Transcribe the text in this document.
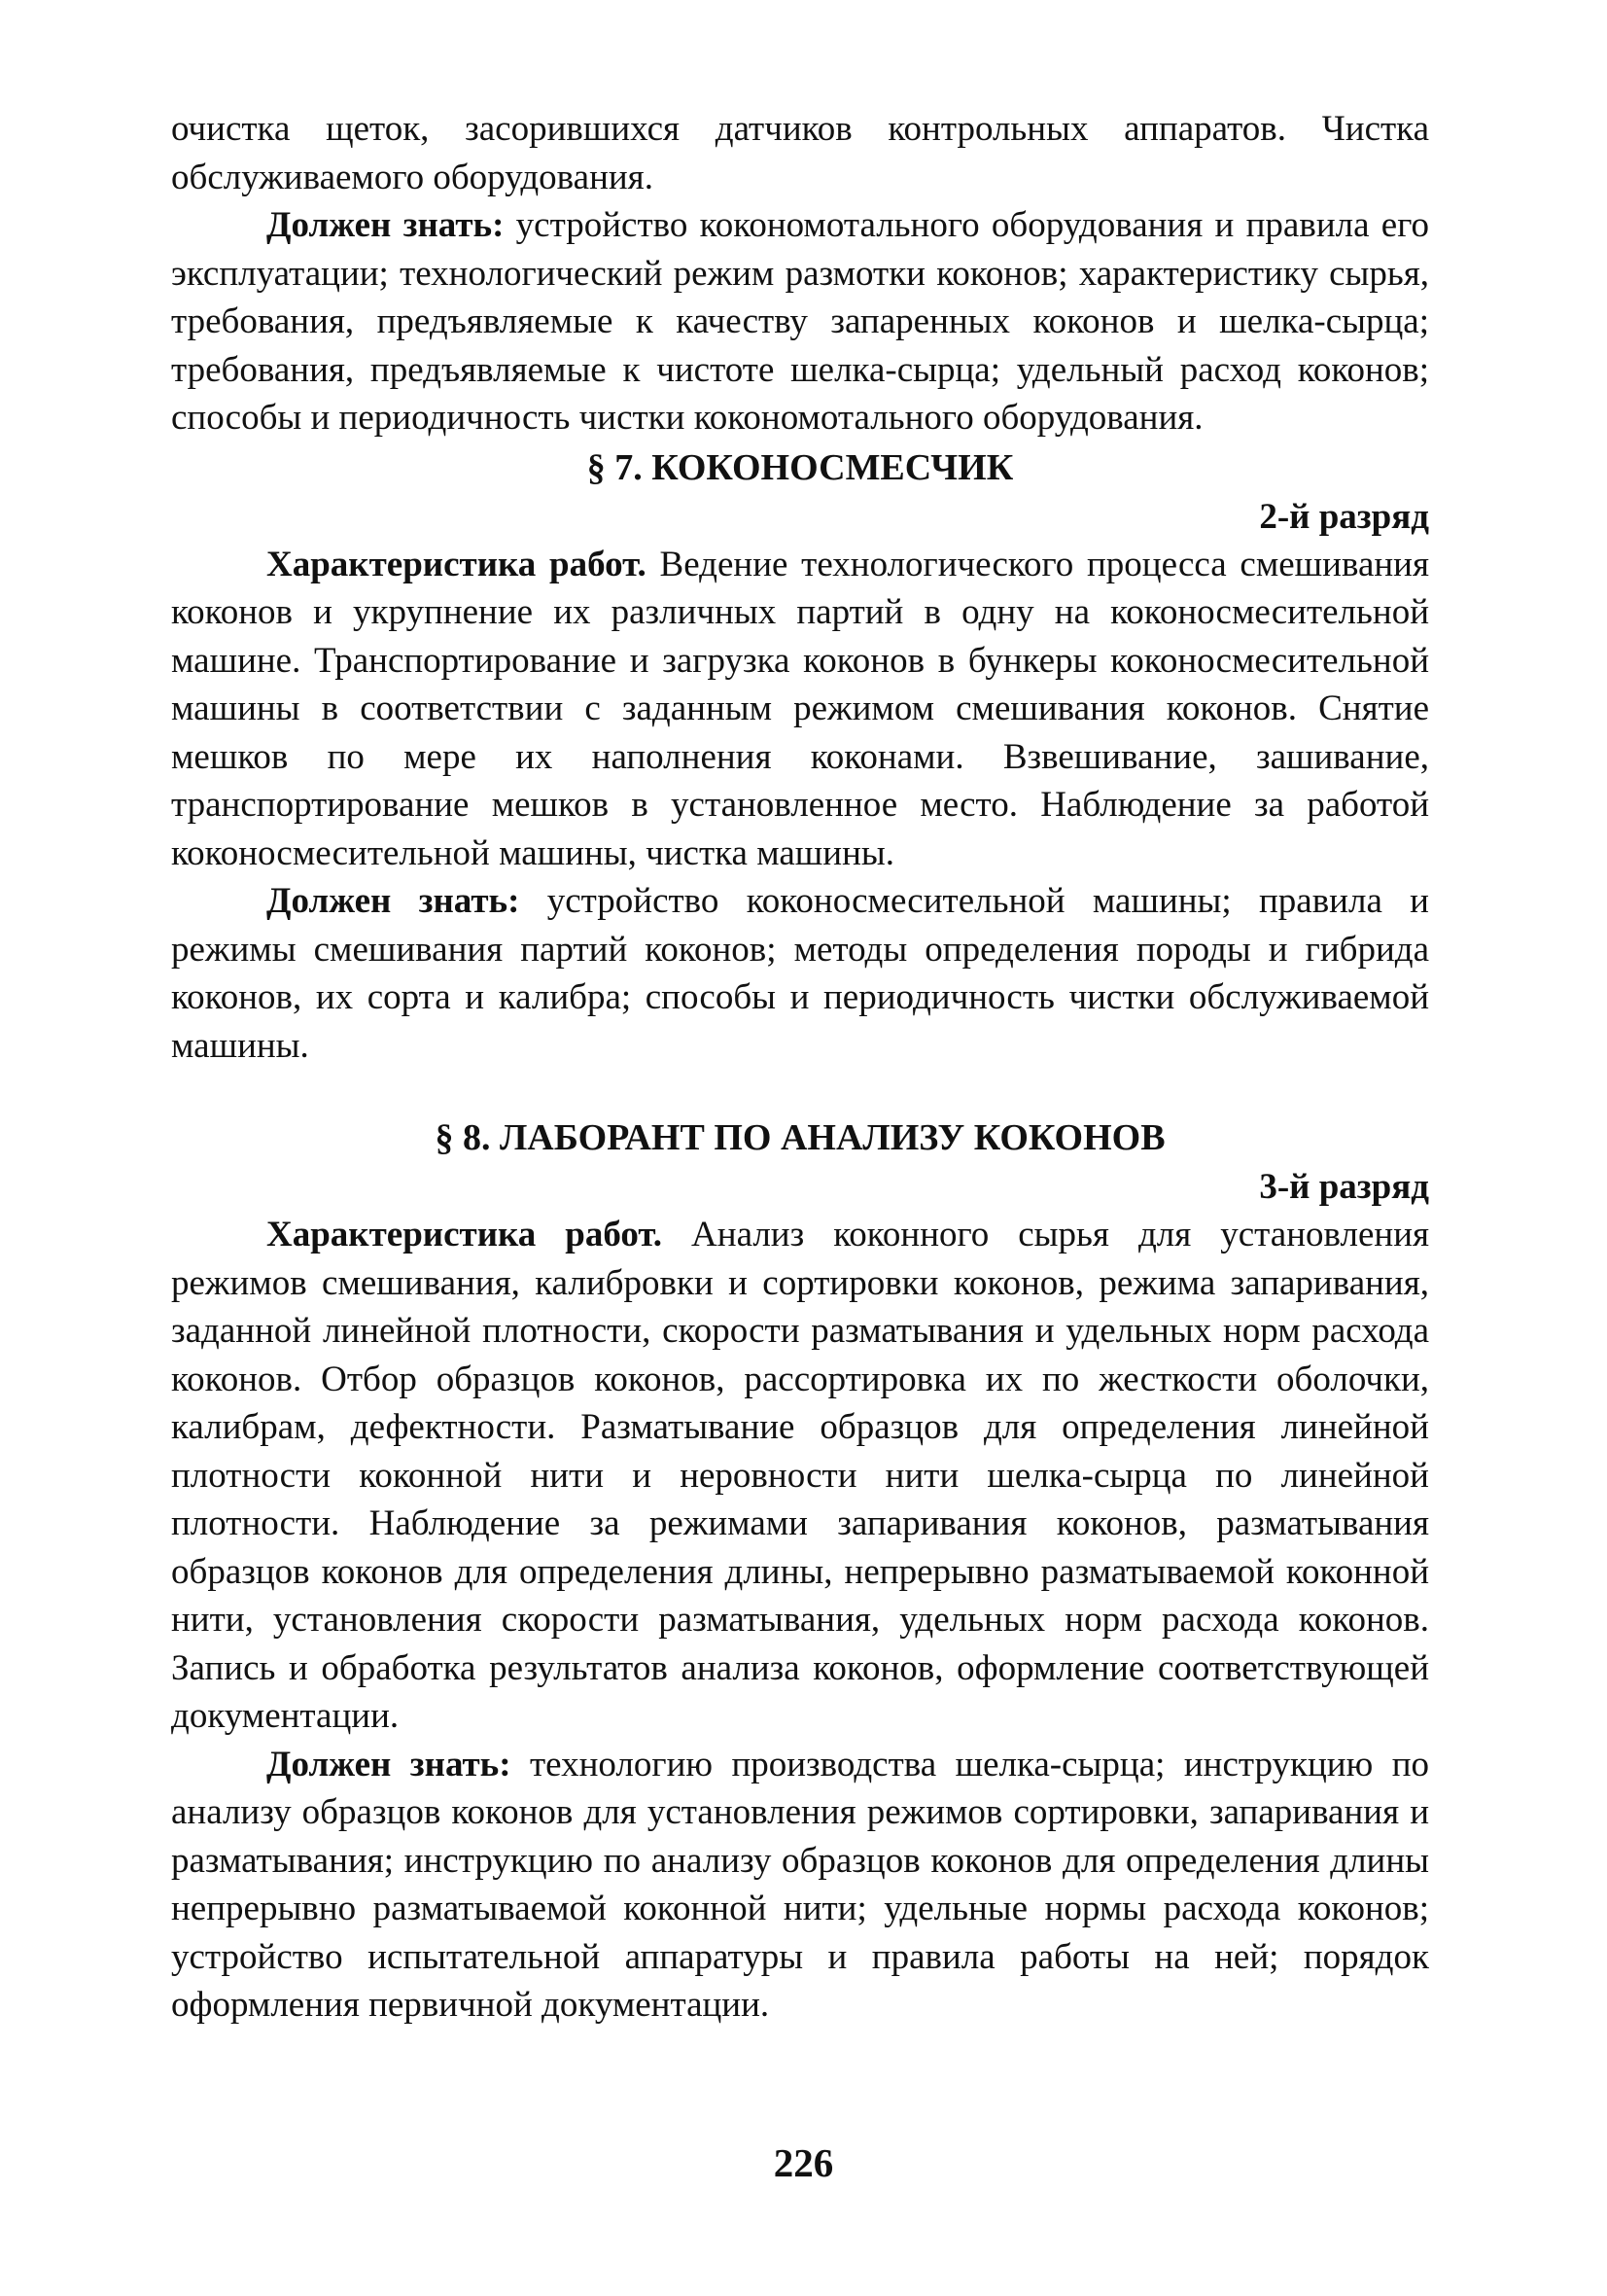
очистка щеток, засорившихся датчиков контрольных аппаратов. Чистка обслуживаемого оборудования.

Должен знать: устройство кокономотального оборудования и правила его эксплуатации; технологический режим размотки коконов; характеристику сырья, требования, предъявляемые к качеству запаренных коконов и шелка-сырца; требования, предъявляемые к чистоте шелка-сырца; удельный расход коконов; способы и периодичность чистки кокономотального оборудования.

§ 7. КОКОНОСМЕСЧИК
2-й разряд

Характеристика работ. Ведение технологического процесса смешивания коконов и укрупнение их различных партий в одну на коконосмесительной машине. Транспортирование и загрузка коконов в бункеры коконосмесительной машины в соответствии с заданным режимом смешивания коконов. Снятие мешков по мере их наполнения коконами. Взвешивание, зашивание, транспортирование мешков в установленное место. Наблюдение за работой коконосмесительной машины, чистка машины.

Должен знать: устройство коконосмесительной машины; правила и режимы смешивания партий коконов; методы определения породы и гибрида коконов, их сорта и калибра; способы и периодичность чистки обслуживаемой машины.

§ 8. ЛАБОРАНТ ПО АНАЛИЗУ КОКОНОВ
3-й разряд

Характеристика работ. Анализ коконного сырья для установления режимов смешивания, калибровки и сортировки коконов, режима запаривания, заданной линейной плотности, скорости разматывания и удельных норм расхода коконов. Отбор образцов коконов, рассортировка их по жесткости оболочки, калибрам, дефектности. Разматывание образцов для определения линейной плотности коконной нити и неровности нити шелка-сырца по линейной плотности. Наблюдение за режимами запаривания коконов, разматывания образцов коконов для определения длины, непрерывно разматываемой коконной нити, установления скорости разматывания, удельных норм расхода коконов. Запись и обработка результатов анализа коконов, оформление соответствующей документации.

Должен знать: технологию производства шелка-сырца; инструкцию по анализу образцов коконов для установления режимов сортировки, запаривания и разматывания; инструкцию по анализу образцов коконов для определения длины непрерывно разматываемой коконной нити; удельные нормы расхода коконов; устройство испытательной аппаратуры и правила работы на ней; порядок оформления первичной документации.

226
